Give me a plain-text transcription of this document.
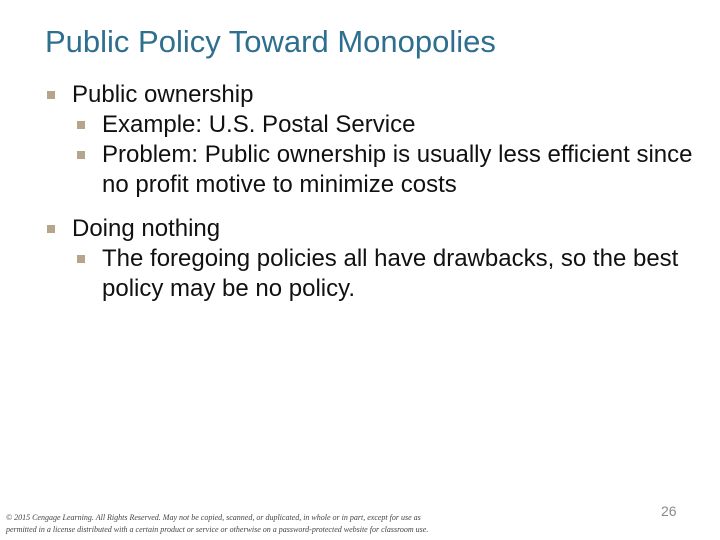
Public Policy Toward Monopolies
Public ownership
Example: U.S. Postal Service
Problem: Public ownership is usually less efficient since no profit motive to minimize costs
Doing nothing
The foregoing policies all have drawbacks, so the best policy may be no policy.
© 2015 Cengage Learning. All Rights Reserved. May not be copied, scanned, or duplicated, in whole or in part, except for use as permitted in a license distributed with a certain product or service or otherwise on a password-protected website for classroom use.
26
